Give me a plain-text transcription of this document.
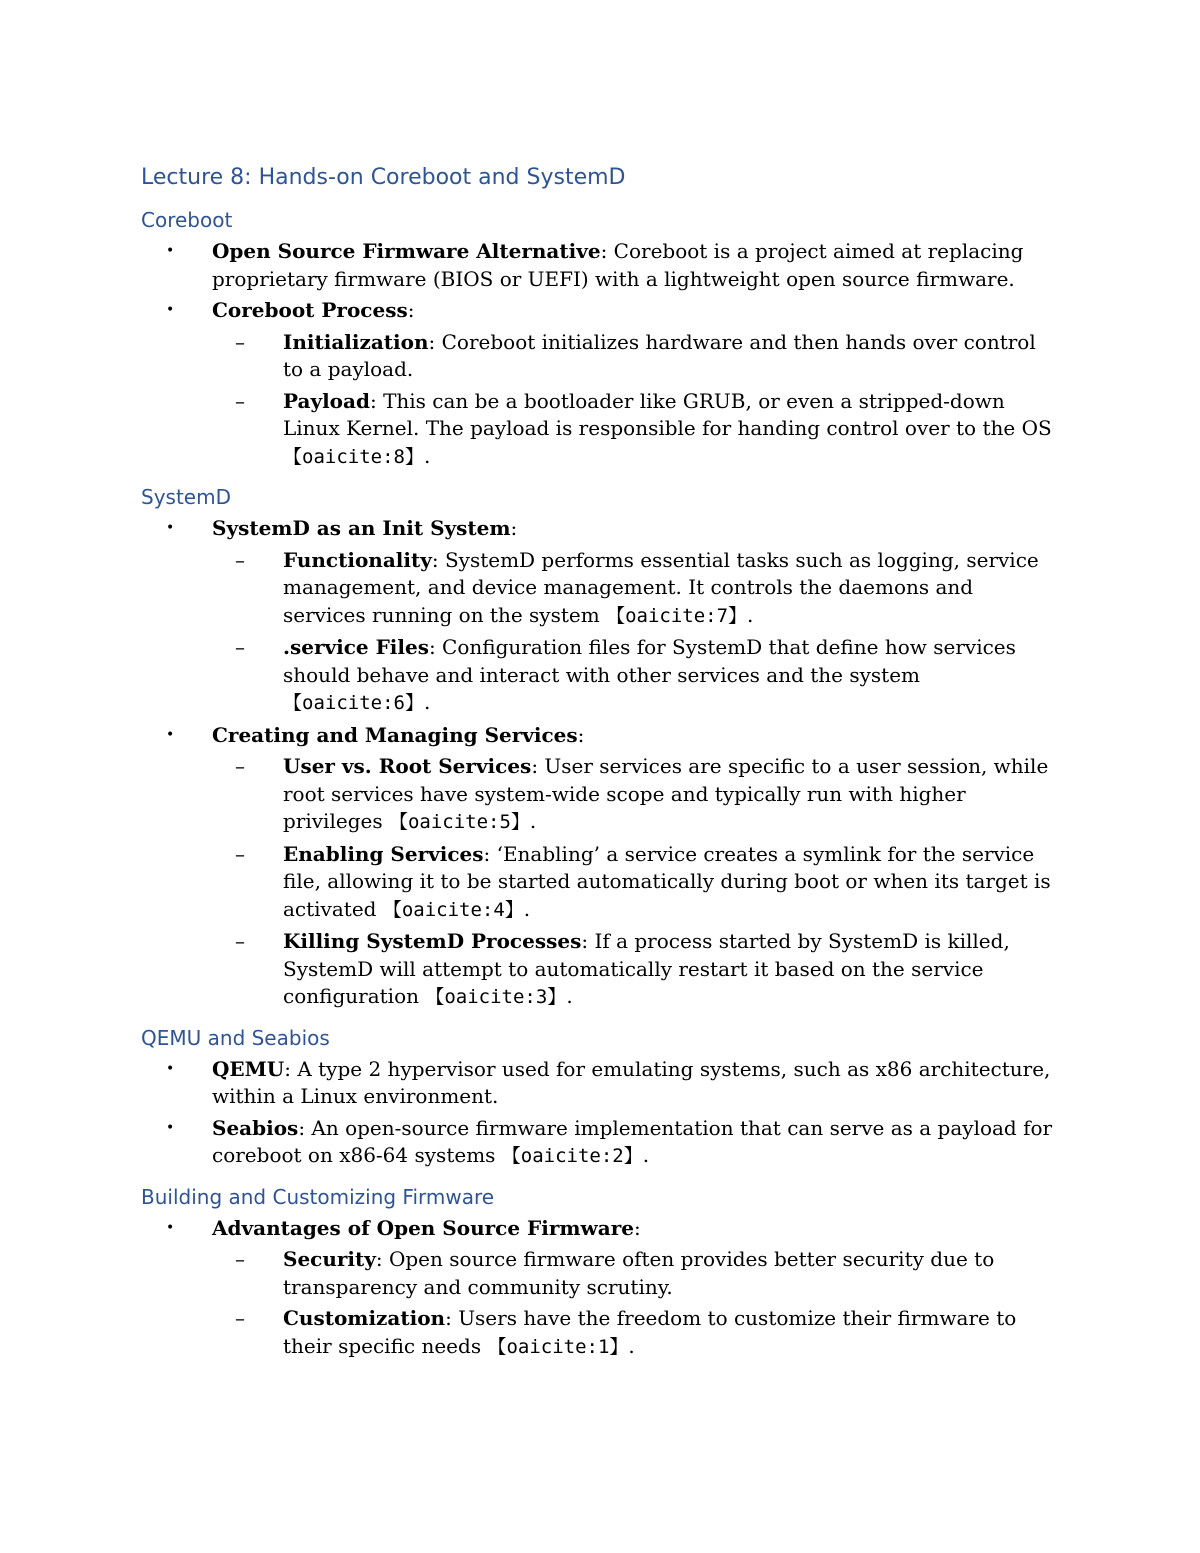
Lecture 8: Hands-on Coreboot and SystemD
Coreboot
• Open Source Firmware Alternative: Coreboot is a project aimed at replacing proprietary firmware (BIOS or UEFI) with a lightweight open source firmware.
• Coreboot Process:
– Initialization: Coreboot initializes hardware and then hands over control to a payload.
– Payload: This can be a bootloader like GRUB, or even a stripped-down Linux Kernel. The payload is responsible for handing control over to the OS 【oaicite:8】.
SystemD
• SystemD as an Init System:
– Functionality: SystemD performs essential tasks such as logging, service management, and device management. It controls the daemons and services running on the system 【oaicite:7】.
– .service Files: Configuration files for SystemD that define how services should behave and interact with other services and the system 【oaicite:6】.
• Creating and Managing Services:
– User vs. Root Services: User services are specific to a user session, while root services have system-wide scope and typically run with higher privileges 【oaicite:5】.
– Enabling Services: ‘Enabling’ a service creates a symlink for the service file, allowing it to be started automatically during boot or when its target is activated 【oaicite:4】.
– Killing SystemD Processes: If a process started by SystemD is killed, SystemD will attempt to automatically restart it based on the service configuration 【oaicite:3】.
QEMU and Seabios
• QEMU: A type 2 hypervisor used for emulating systems, such as x86 architecture, within a Linux environment.
• Seabios: An open-source firmware implementation that can serve as a payload for coreboot on x86-64 systems 【oaicite:2】.
Building and Customizing Firmware
• Advantages of Open Source Firmware:
– Security: Open source firmware often provides better security due to transparency and community scrutiny.
– Customization: Users have the freedom to customize their firmware to their specific needs 【oaicite:1】.
